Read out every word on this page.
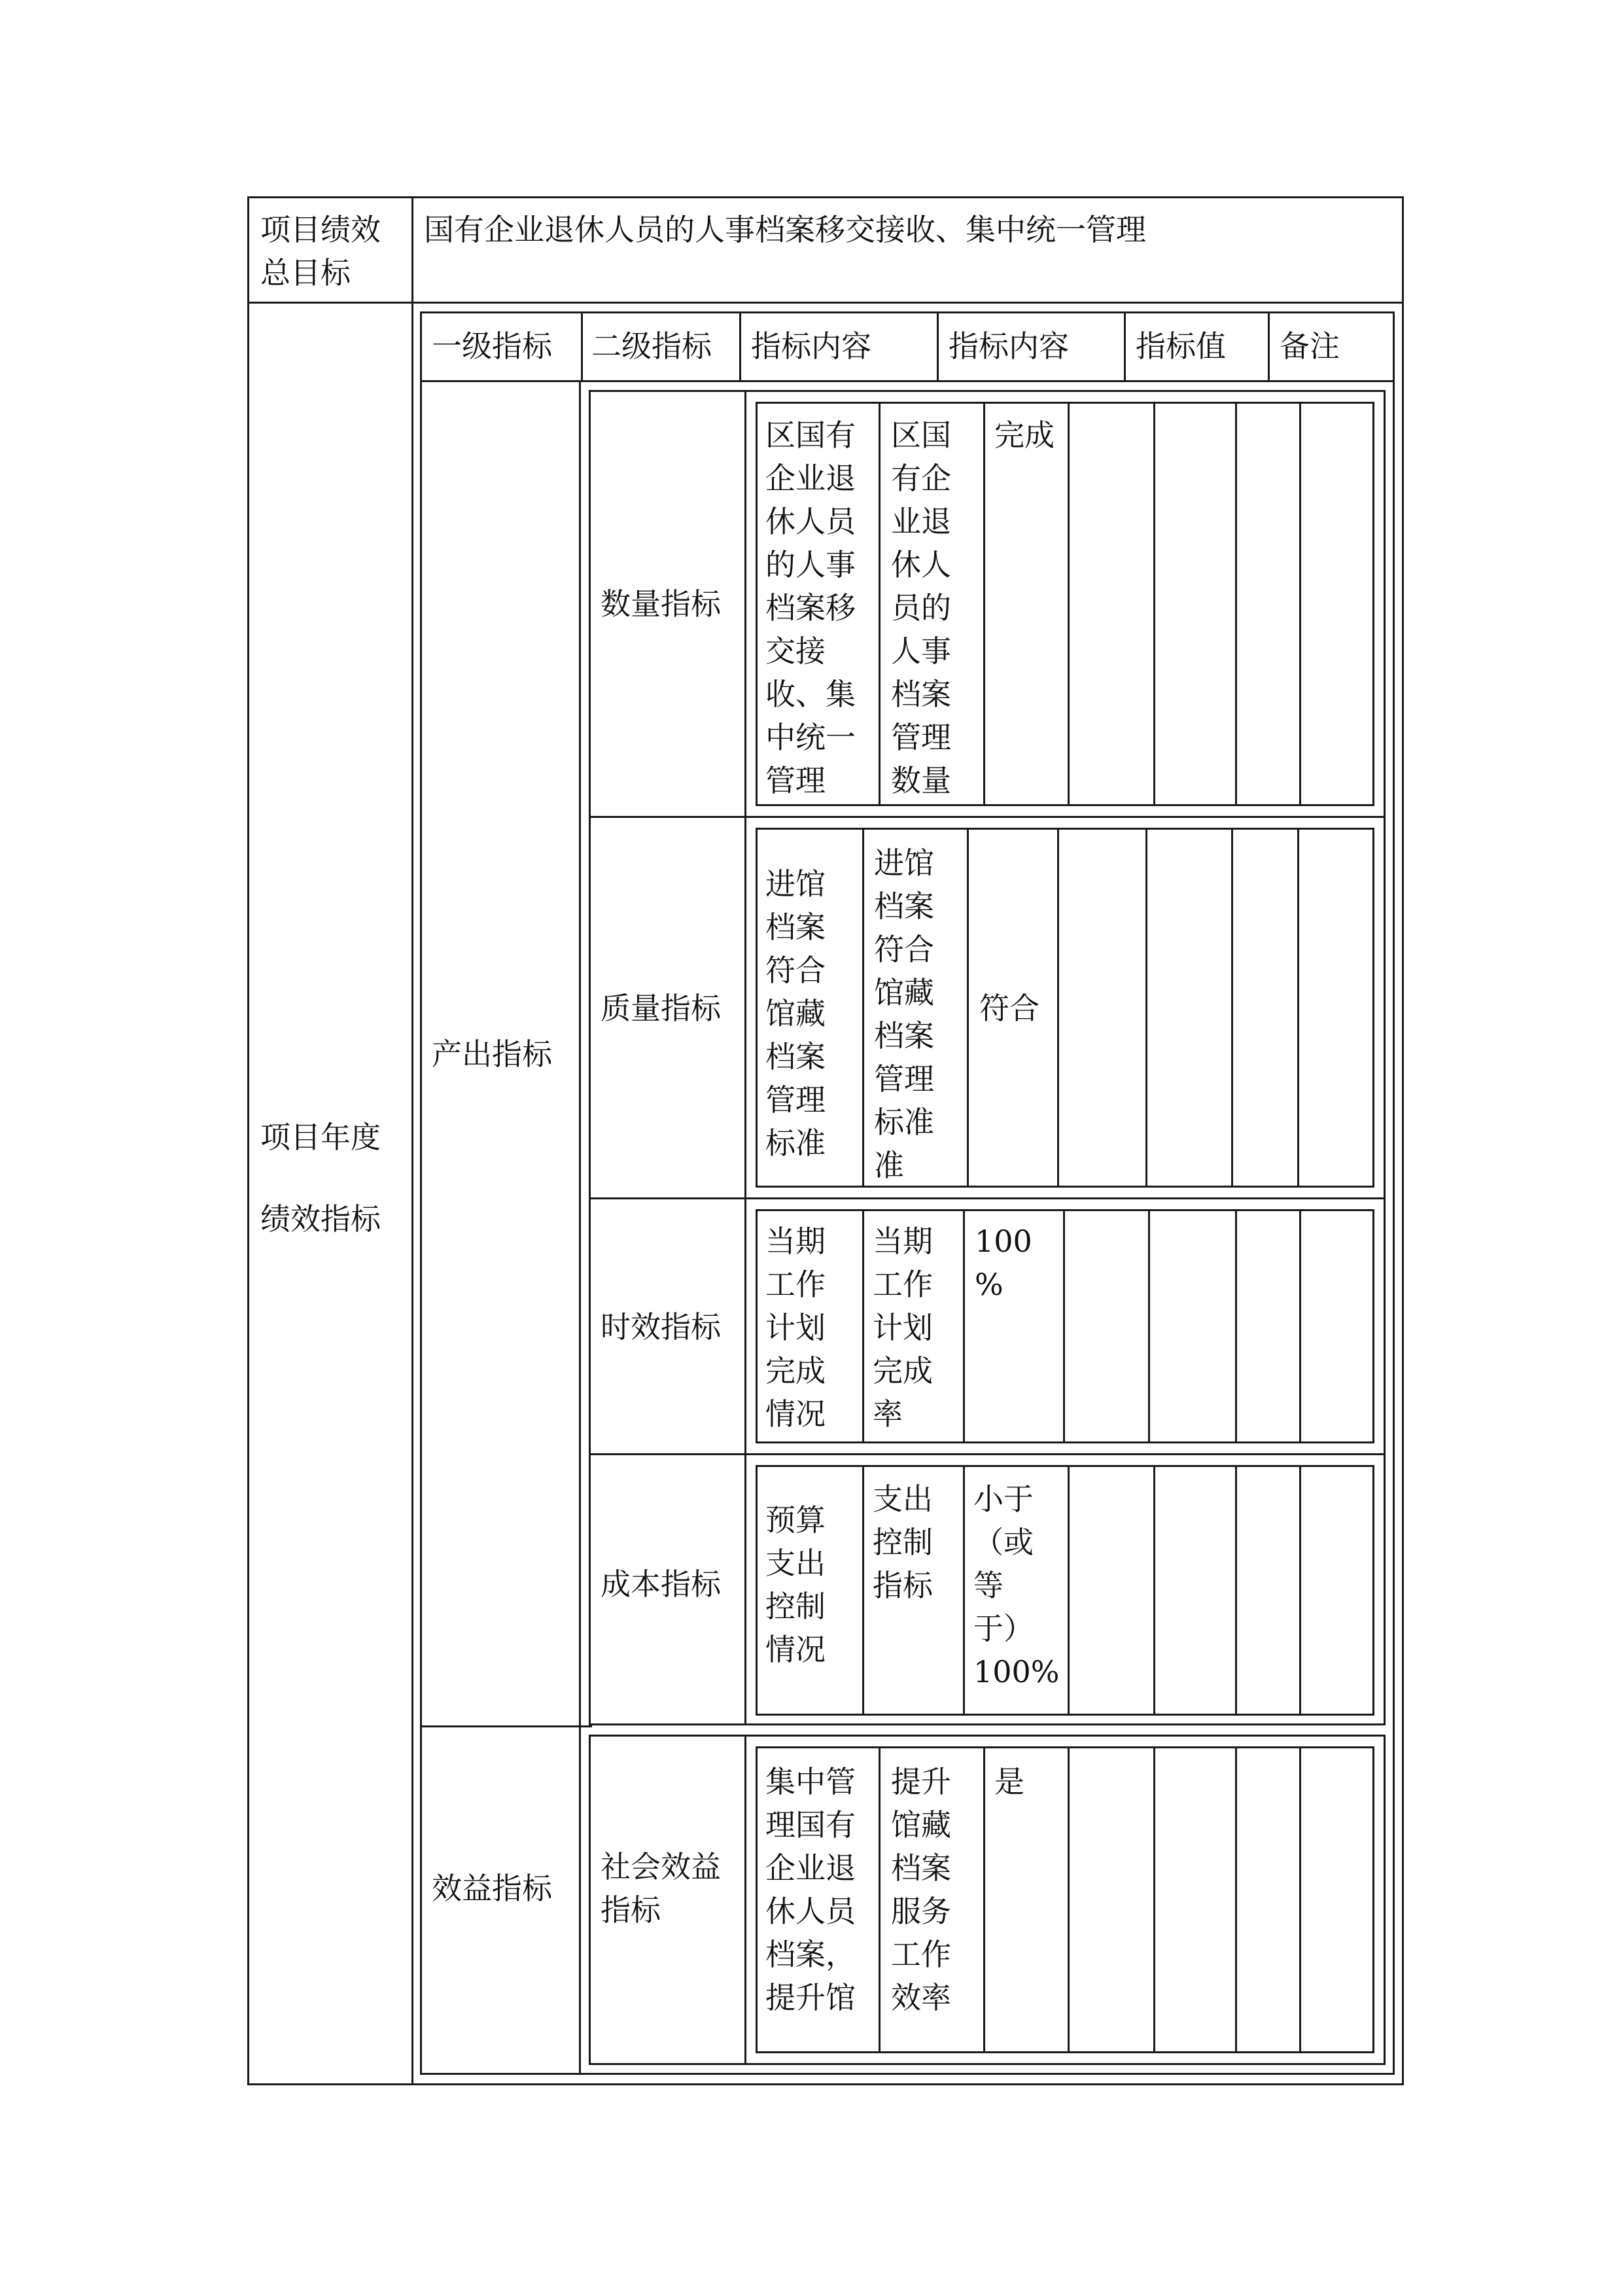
项目绩效
总目标
国有企业退休人员的人事档案移交接收、集中统一管理
项目年度
绩效指标
一级指标 二级指标 指标内容	指标内容 指标值 备注
产出指标
效益指标
数量指标
区国有
企业退
休人员
的人事
档案移
交接
收、集
中统一
管理
区国
有企
业退
休人
员的
人事
档案
管理
数量
完成
质量指标
进馆
档案
符合
馆藏
档案
管理
标准
进馆
档案
符合
馆藏
档案
管理
标准
准
符合
时效指标
当期
工作
计划
完成
情况
当期
工作
计划
完成
率
100
%
成本指标
预算
支出
控制
情况
支出
控制
指标
小于
（或
等
于）
100%
社会效益
指标
集中管
理国有
企业退
休人员
档案，
提升馆
提升
馆藏
档案
服务
工作
效率
是
